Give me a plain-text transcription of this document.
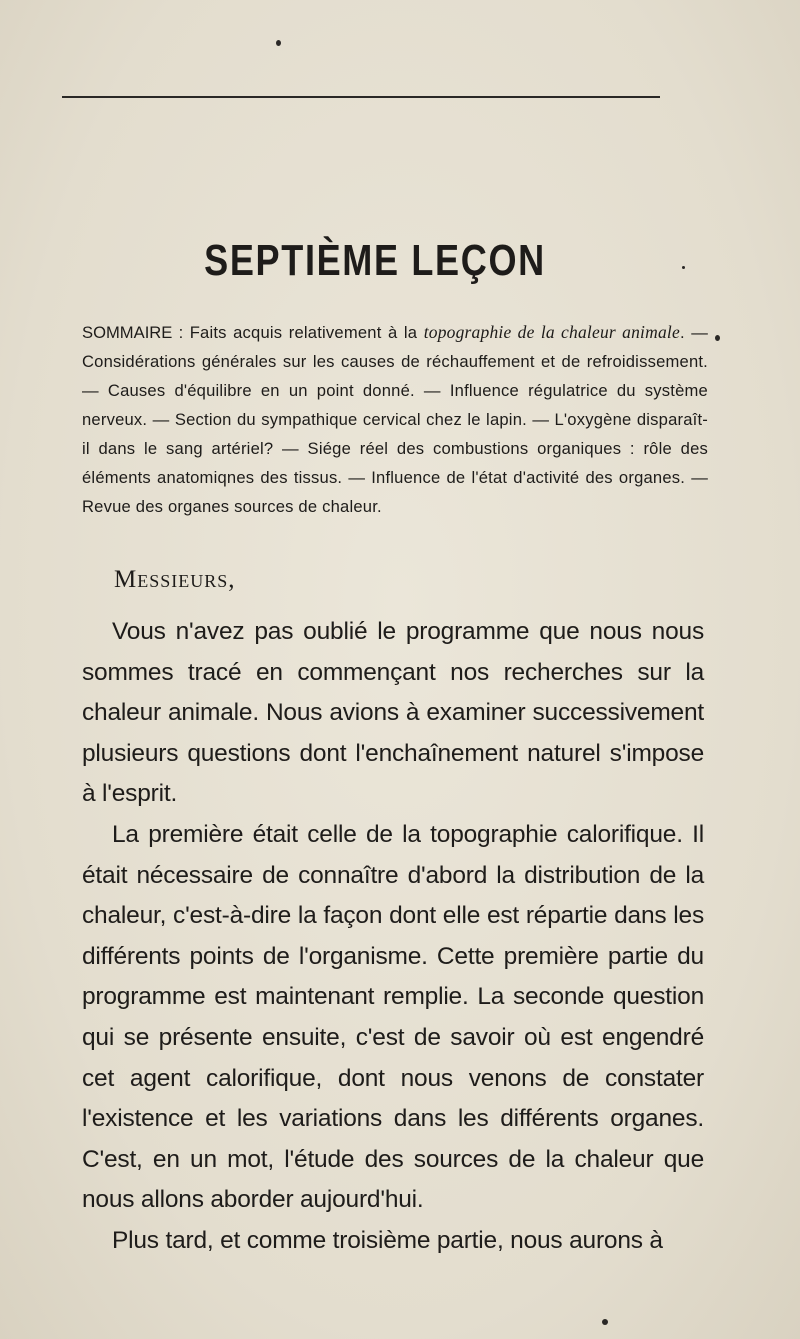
SEPTIÈME LEÇON
SOMMAIRE : Faits acquis relativement à la topographie de la chaleur animale. — Considérations générales sur les causes de réchauffement et de refroidissement. — Causes d'équilibre en un point donné. — Influence régulatrice du système nerveux. — Section du sympathique cervical chez le lapin. — L'oxygène disparaît-il dans le sang artériel? — Siége réel des combustions organiques : rôle des éléments anatomiqnes des tissus. — Influence de l'état d'activité des organes. — Revue des organes sources de chaleur.
Messieurs,

Vous n'avez pas oublié le programme que nous nous sommes tracé en commençant nos recherches sur la chaleur animale. Nous avions à examiner successivement plusieurs questions dont l'enchaînement naturel s'impose à l'esprit.

La première était celle de la topographie calorifique. Il était nécessaire de connaître d'abord la distribution de la chaleur, c'est-à-dire la façon dont elle est répartie dans les différents points de l'organisme. Cette première partie du programme est maintenant remplie. La seconde question qui se présente ensuite, c'est de savoir où est engendré cet agent calorifique, dont nous venons de constater l'existence et les variations dans les différents organes. C'est, en un mot, l'étude des sources de la chaleur que nous allons aborder aujourd'hui.

Plus tard, et comme troisième partie, nous aurons à
